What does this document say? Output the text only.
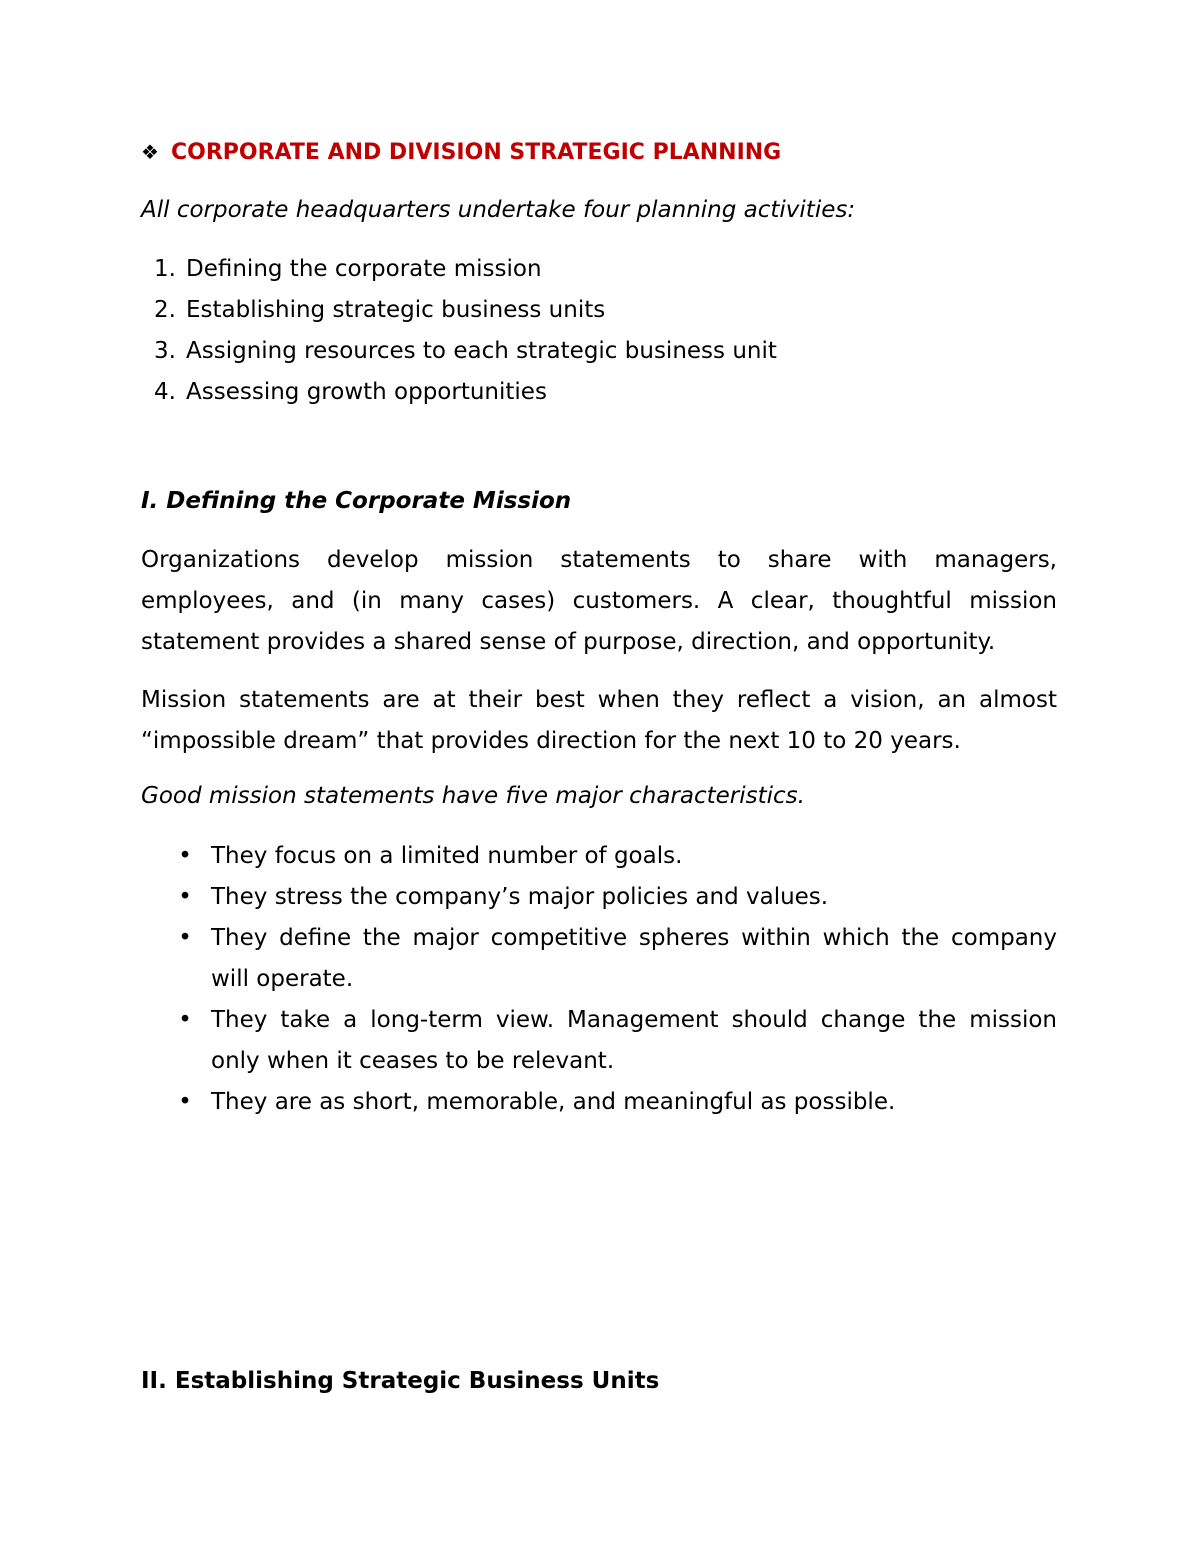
❖ CORPORATE AND DIVISION STRATEGIC PLANNING
All corporate headquarters undertake four planning activities:
1. Defining the corporate mission
2. Establishing strategic business units
3. Assigning resources to each strategic business unit
4. Assessing growth opportunities
I. Defining the Corporate Mission

Organizations develop mission statements to share with managers, employees, and (in many cases) customers. A clear, thoughtful mission statement provides a shared sense of purpose, direction, and opportunity.

Mission statements are at their best when they reflect a vision, an almost “impossible dream” that provides direction for the next 10 to 20 years.

Good mission statements have five major characteristics.
• They focus on a limited number of goals.
• They stress the company’s major policies and values.
• They define the major competitive spheres within which the company will operate.
• They take a long-term view. Management should change the mission only when it ceases to be relevant.
• They are as short, memorable, and meaningful as possible.
II. Establishing Strategic Business Units
